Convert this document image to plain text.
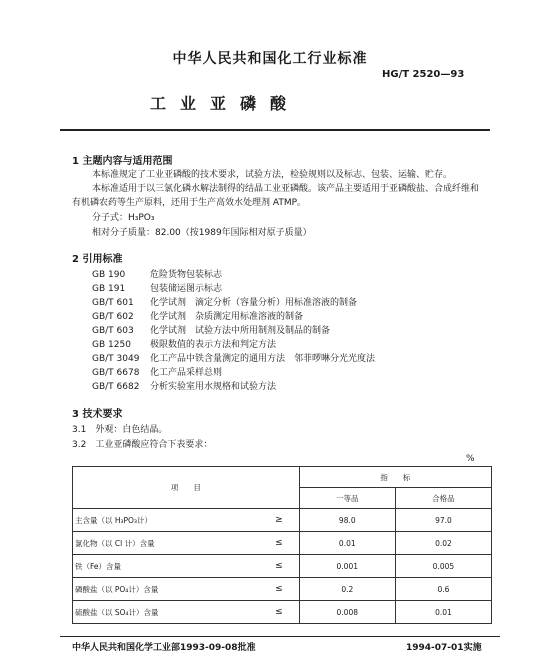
中华人民共和国化工行业标准
HG/T 2520—93
工业亚磷酸
1 主题内容与适用范围
本标准规定了工业亚磷酸的技术要求，试验方法，检验规则以及标志、包装、运输、贮存。
本标准适用于以三氯化磷水解法制得的结晶工业亚磷酸。该产品主要适用于亚磷酸盐、合成纤维和
有机磷农药等生产原料，还用于生产高效水处理剂 ATMP。
分子式：H₃PO₃
相对分子质量：82.00（按1989年国际相对原子质量）
2 引用标准
GB 190	危险货物包装标志
GB 191	包装储运图示标志
GB/T 601 化学试剂　滴定分析（容量分析）用标准溶液的制备
GB/T 602 化学试剂　杂质测定用标准溶液的制备
GB/T 603 化学试剂　试验方法中所用制剂及制品的制备
GB 1250 极限数值的表示方法和判定方法
GB/T 3049 化工产品中铁含量测定的通用方法　邻菲啰啉分光光度法
GB/T 6678 化工产品采样总则
GB/T 6682 分析实验室用水规格和试验方法
3 技术要求
3.1　外观：白色结晶。
3.2　工业亚磷酸应符合下表要求：
%
项　　目		指　　标	
		一等品	合格品
主含量（以 H₃PO₃计）	≥	98.0	97.0
氯化物（以 Cl 计）含量	≤	0.01	0.02
铁（Fe）含量	≤	0.001	0.005
磷酸盐（以 PO₄计）含量	≤	0.2	0.6
硫酸盐（以 SO₄计）含量	≤	0.008	0.01
中华人民共和国化学工业部1993-09-08批准	1994-07-01实施
